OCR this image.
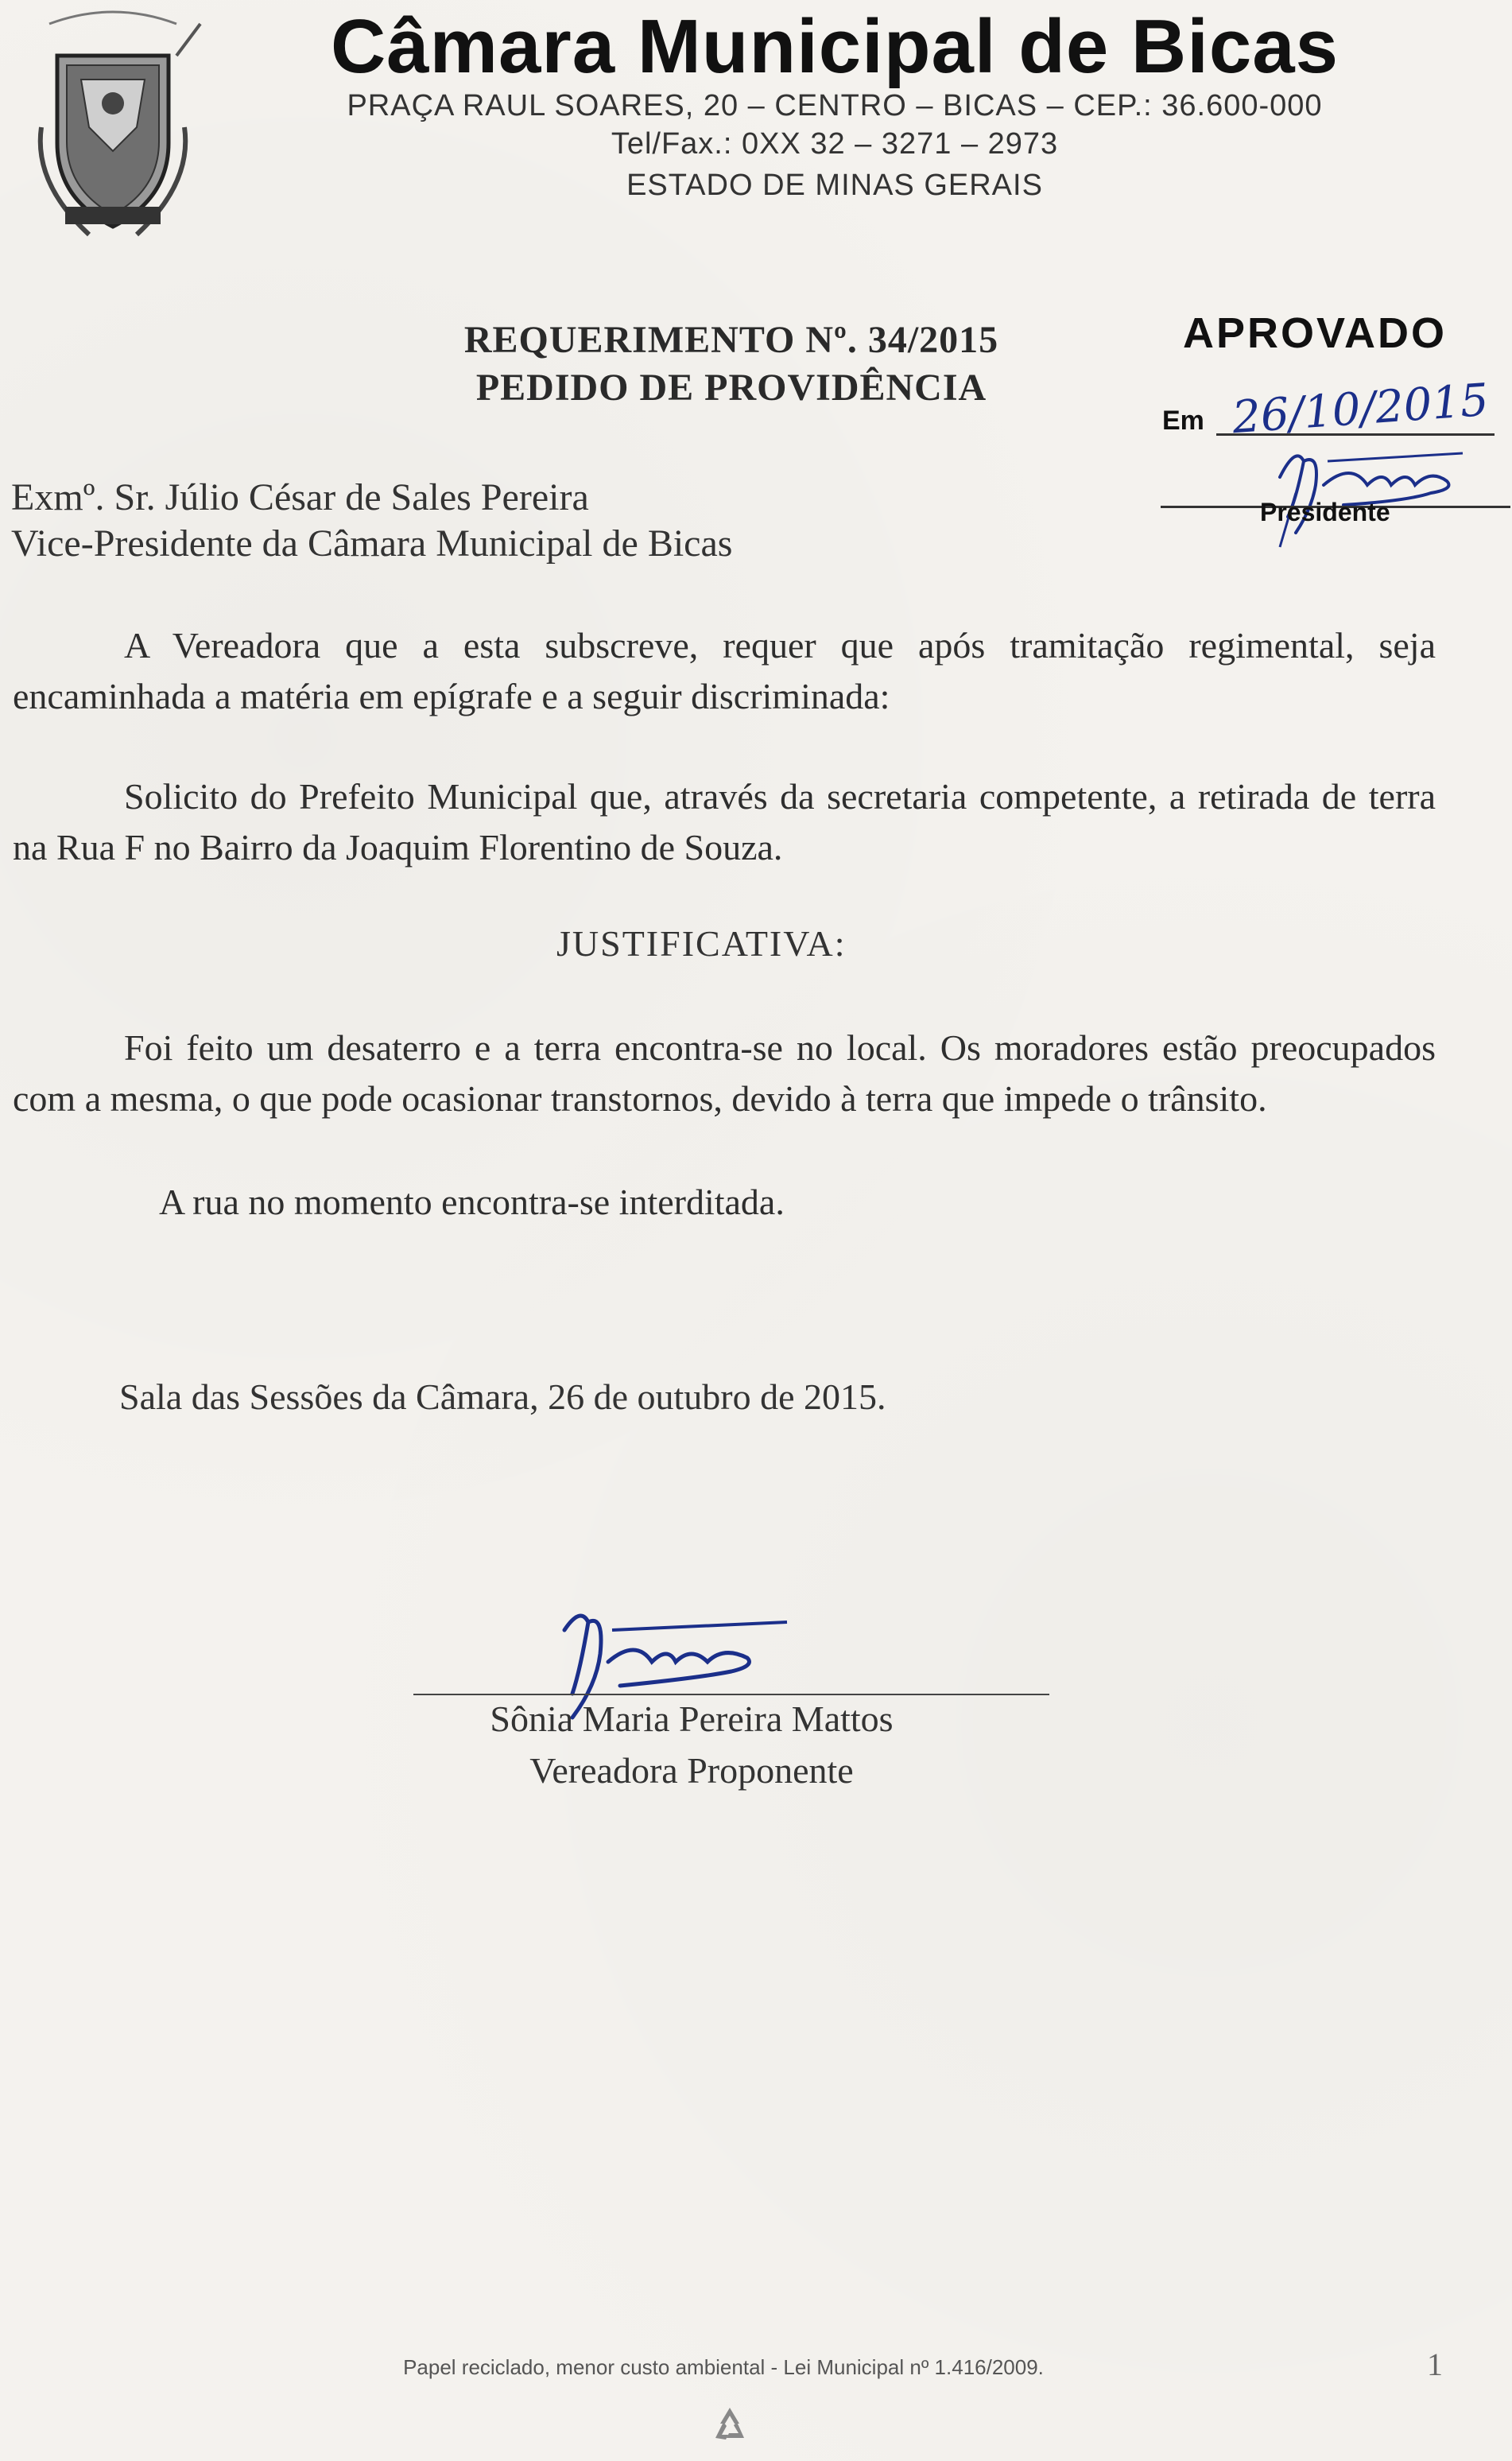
Câmara Municipal de Bicas
PRAÇA RAUL SOARES, 20 – CENTRO – BICAS – CEP.: 36.600-000
Tel/Fax.: 0XX 32 – 3271 – 2973
ESTADO DE MINAS GERAIS
REQUERIMENTO Nº. 34/2015
PEDIDO DE PROVIDÊNCIA
APROVADO
Em 26/10/2015
Presidente
Exmº. Sr. Júlio César de Sales Pereira
Vice-Presidente da Câmara Municipal de Bicas
A Vereadora que a esta subscreve, requer que após tramitação regimental, seja encaminhada a matéria em epígrafe e a seguir discriminada:
Solicito do Prefeito Municipal que, através da secretaria competente, a retirada de terra na Rua F no Bairro da Joaquim Florentino de Souza.
JUSTIFICATIVA:
Foi feito um desaterro e a terra encontra-se no local. Os moradores estão preocupados com a mesma, o que pode ocasionar transtornos, devido à terra que impede o trânsito.
A rua no momento encontra-se interditada.
Sala das Sessões da Câmara, 26 de outubro de 2015.
Sônia Maria Pereira Mattos
Vereadora Proponente
Papel reciclado, menor custo ambiental - Lei Municipal nº 1.416/2009.	1
